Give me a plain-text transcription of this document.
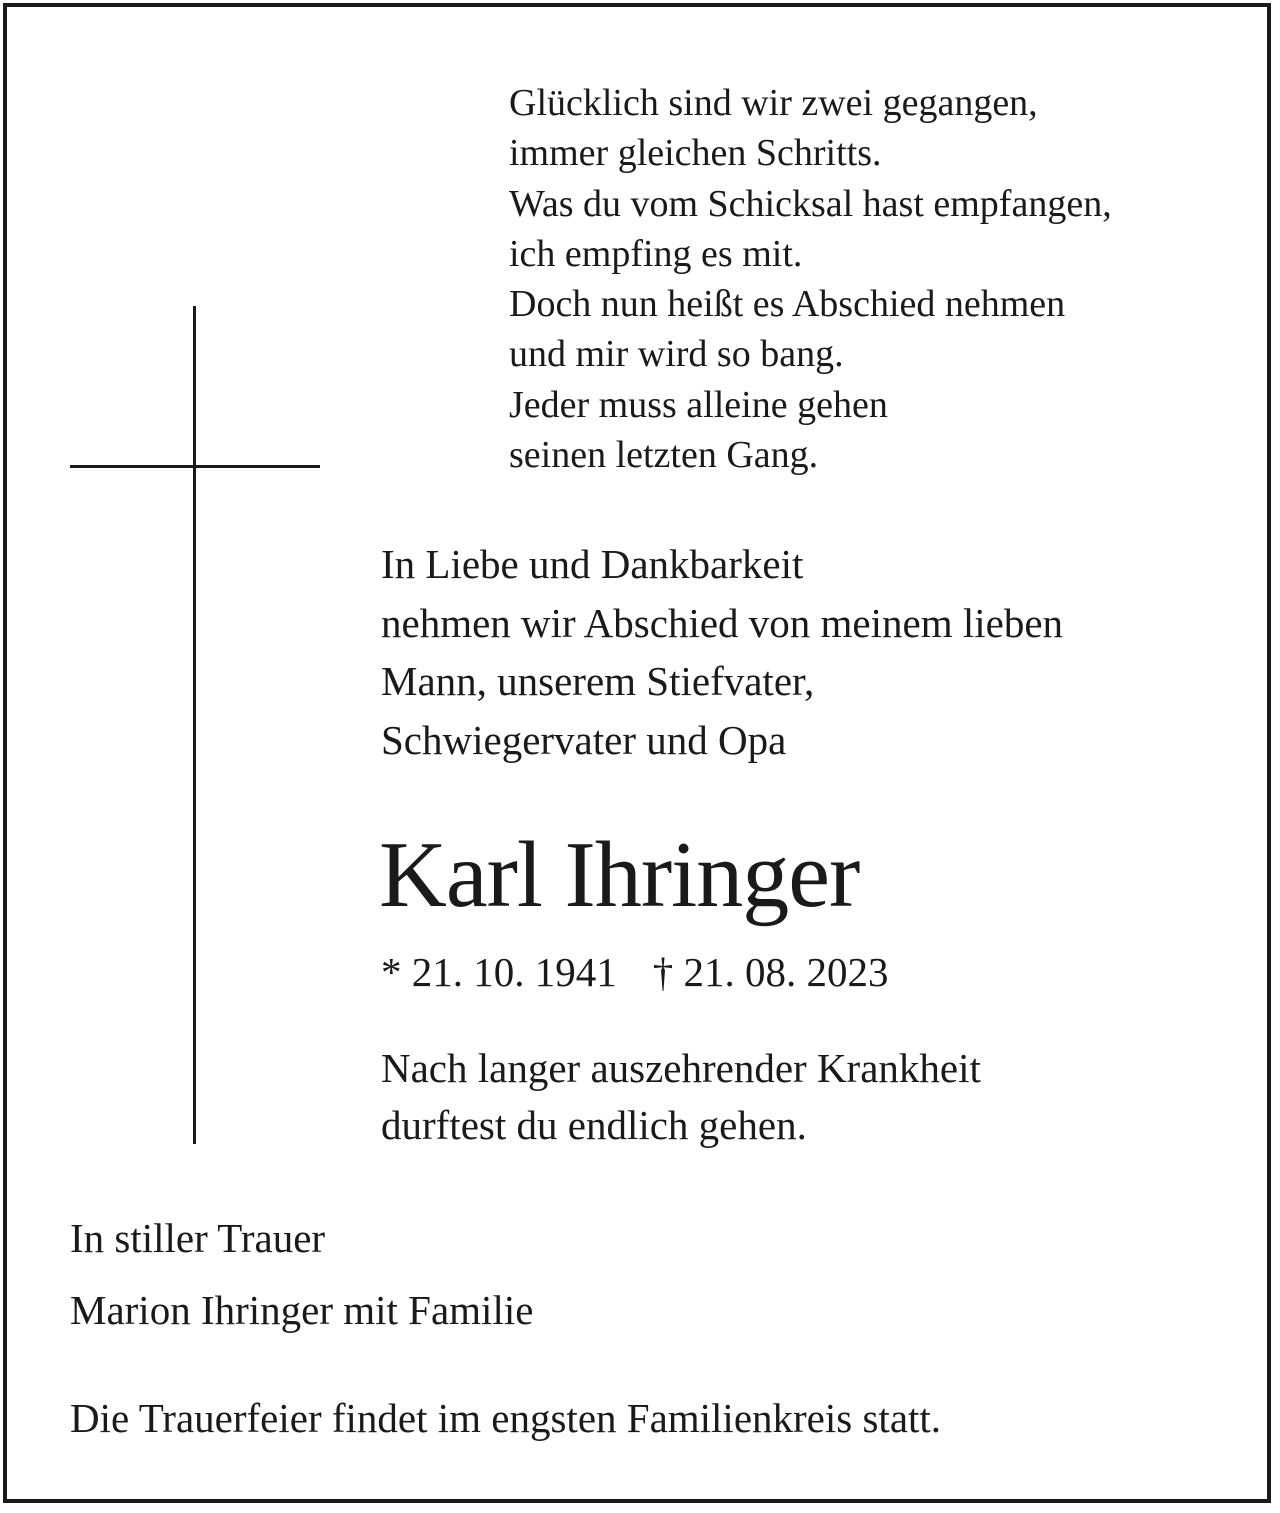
Glücklich sind wir zwei gegangen,
immer gleichen Schritts.
Was du vom Schicksal hast empfangen,
ich empfing es mit.
Doch nun heißt es Abschied nehmen
und mir wird so bang.
Jeder muss alleine gehen
seinen letzten Gang.
In Liebe und Dankbarkeit
nehmen wir Abschied von meinem lieben
Mann, unserem Stiefvater,
Schwiegervater und Opa
Karl Ihringer
* 21. 10. 1941 † 21. 08. 2023
Nach langer auszehrender Krankheit
durftest du endlich gehen.
In stiller Trauer
Marion Ihringer mit Familie
Die Trauerfeier findet im engsten Familienkreis statt.
